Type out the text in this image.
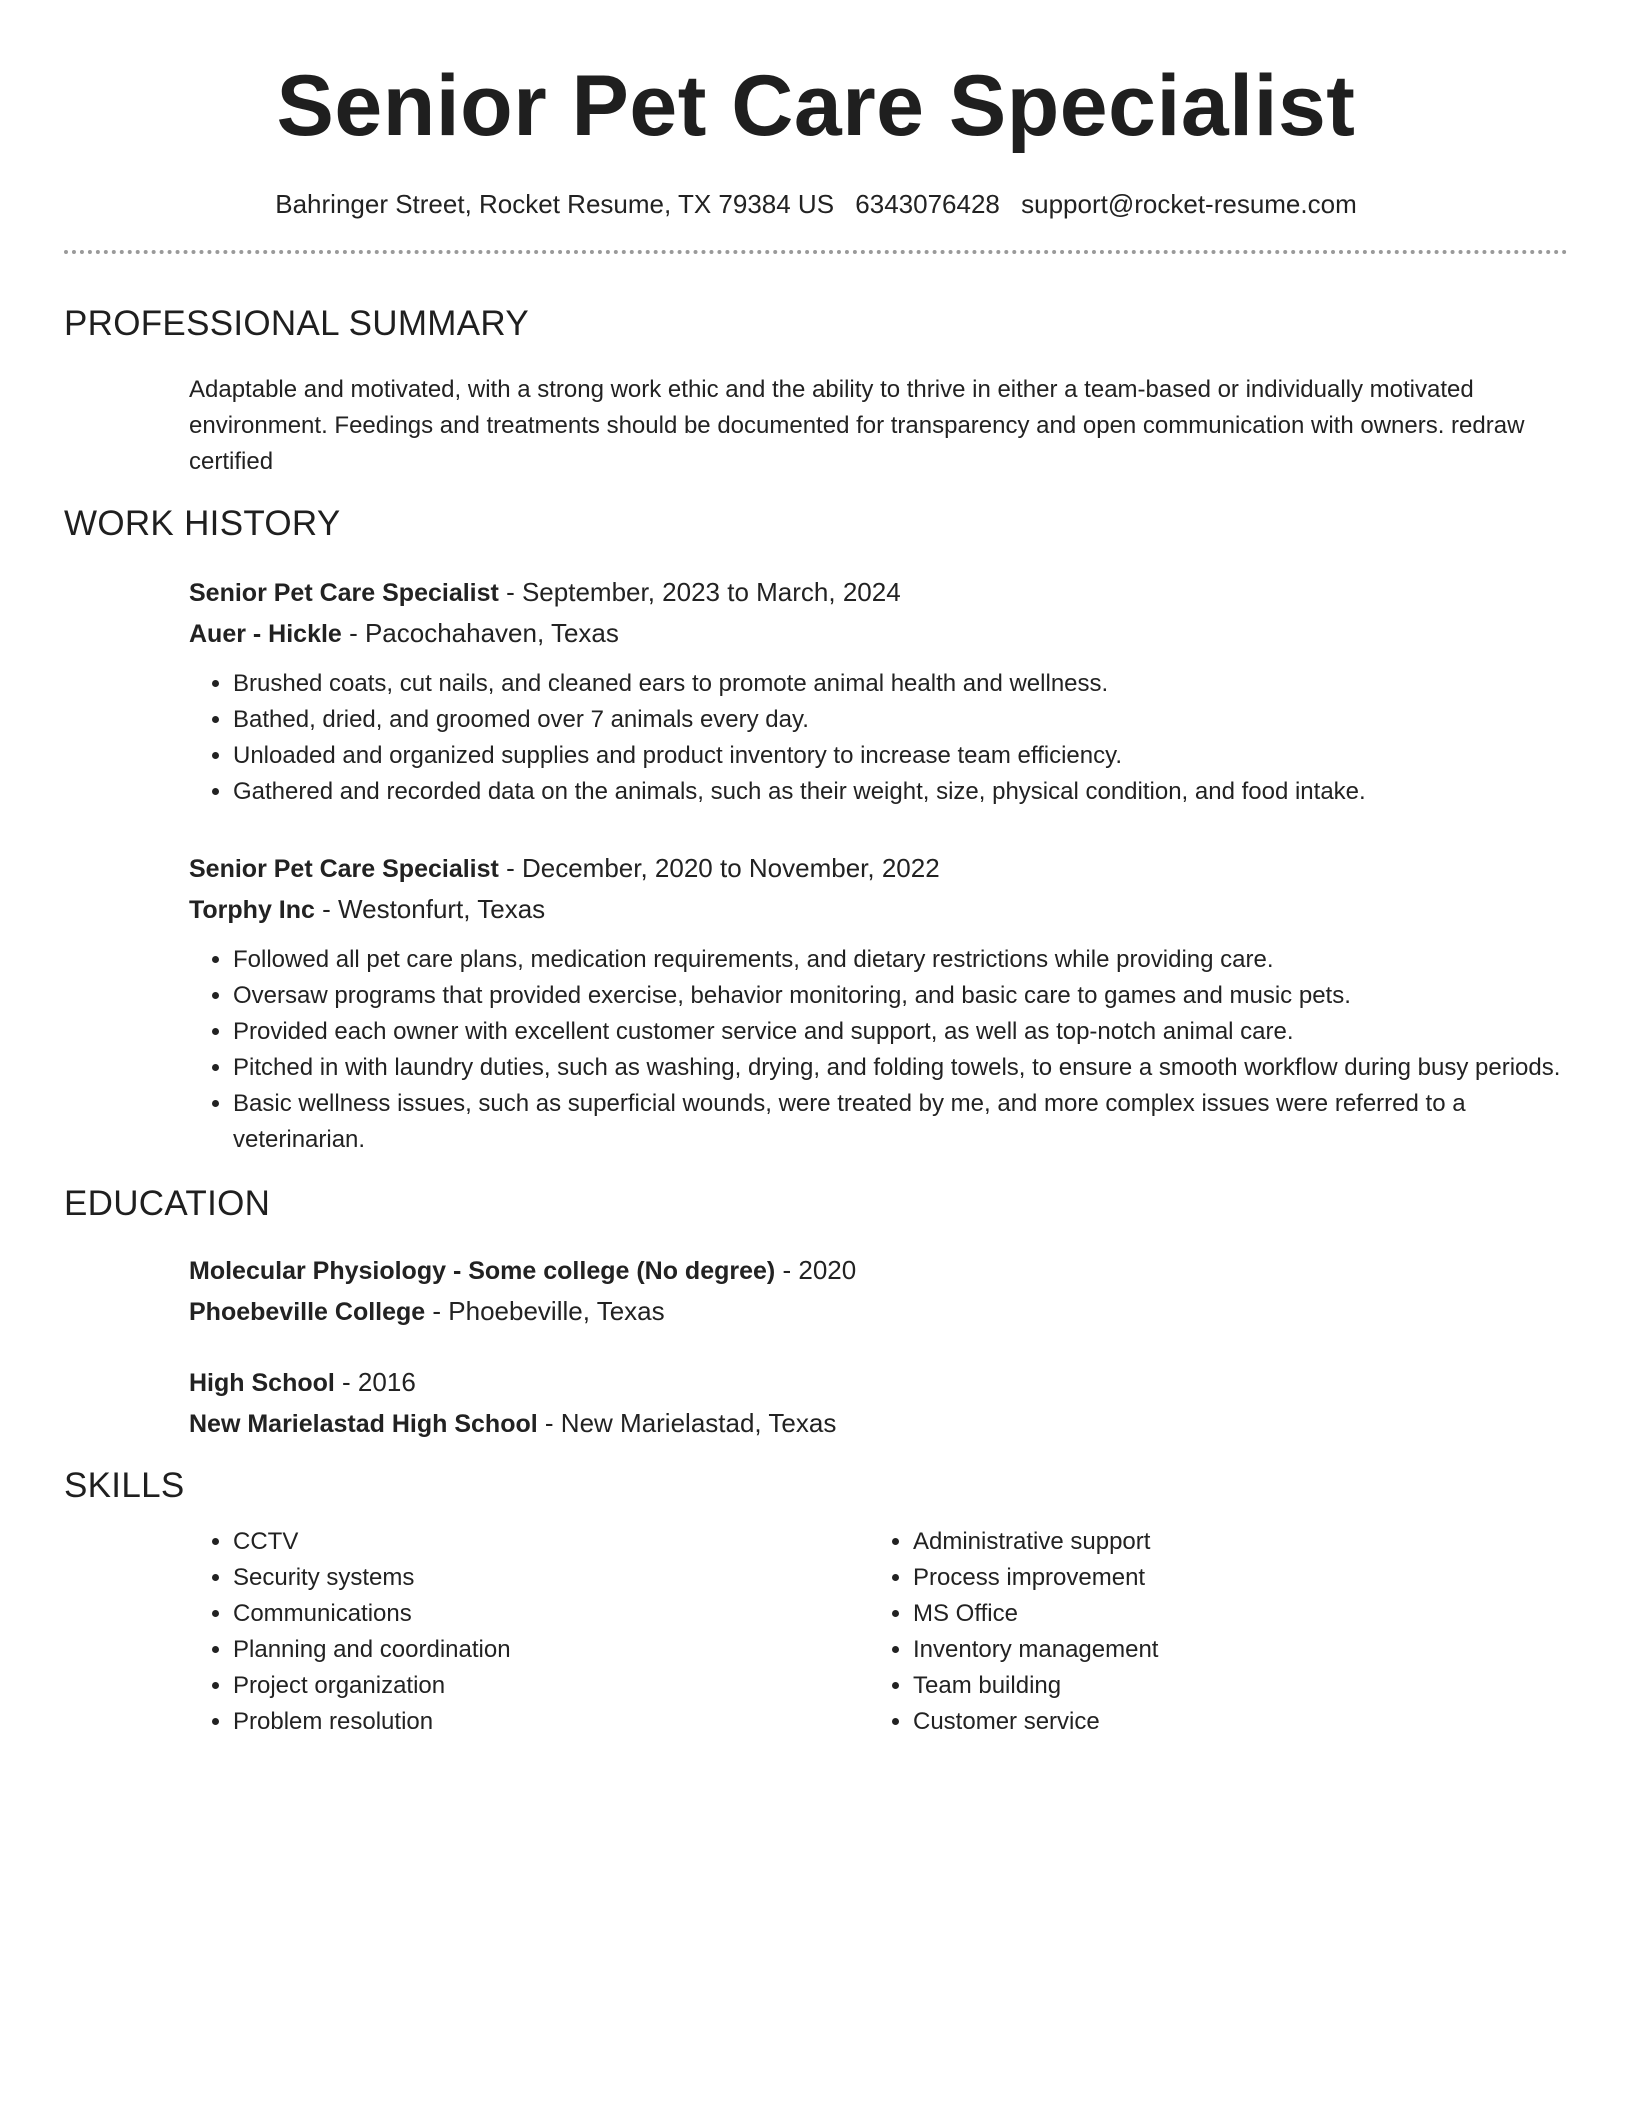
Senior Pet Care Specialist
Bahringer Street, Rocket Resume, TX 79384 US 6343076428 support@rocket-resume.com
PROFESSIONAL SUMMARY
Adaptable and motivated, with a strong work ethic and the ability to thrive in either a team-based or individually motivated environment. Feedings and treatments should be documented for transparency and open communication with owners. redraw certified
WORK HISTORY
Senior Pet Care Specialist - September, 2023 to March, 2024
Auer - Hickle - Pacochahaven, Texas
• Brushed coats, cut nails, and cleaned ears to promote animal health and wellness.
• Bathed, dried, and groomed over 7 animals every day.
• Unloaded and organized supplies and product inventory to increase team efficiency.
• Gathered and recorded data on the animals, such as their weight, size, physical condition, and food intake.
Senior Pet Care Specialist - December, 2020 to November, 2022
Torphy Inc - Westonfurt, Texas
• Followed all pet care plans, medication requirements, and dietary restrictions while providing care.
• Oversaw programs that provided exercise, behavior monitoring, and basic care to games and music pets.
• Provided each owner with excellent customer service and support, as well as top-notch animal care.
• Pitched in with laundry duties, such as washing, drying, and folding towels, to ensure a smooth workflow during busy periods.
• Basic wellness issues, such as superficial wounds, were treated by me, and more complex issues were referred to a veterinarian.
EDUCATION
Molecular Physiology - Some college (No degree) - 2020
Phoebeville College - Phoebeville, Texas
High School - 2016
New Marielastad High School - New Marielastad, Texas
SKILLS
• CCTV
• Security systems
• Communications
• Planning and coordination
• Project organization
• Problem resolution
• Administrative support
• Process improvement
• MS Office
• Inventory management
• Team building
• Customer service
